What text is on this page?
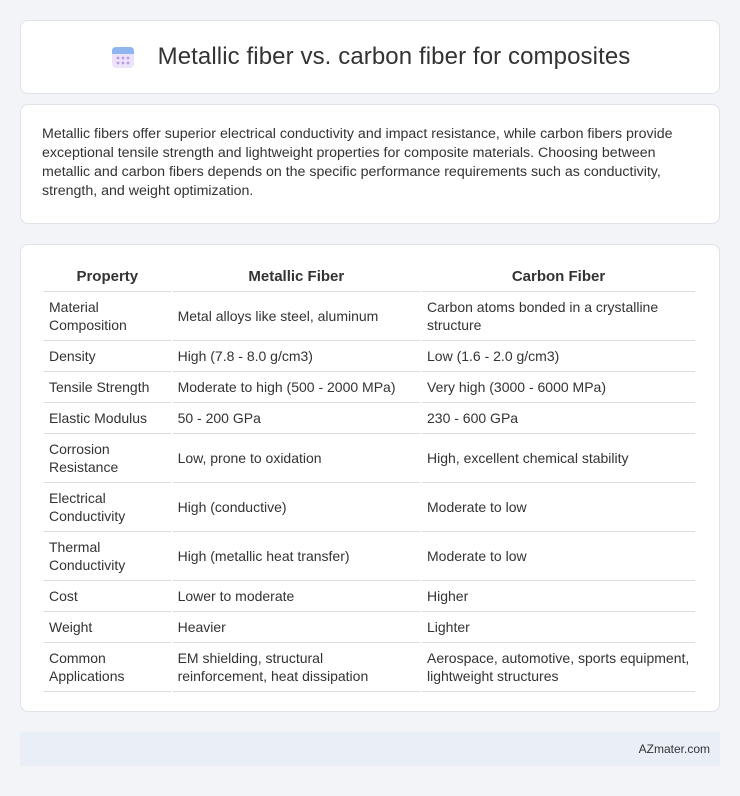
Metallic fiber vs. carbon fiber for composites

Metallic fibers offer superior electrical conductivity and impact resistance, while carbon fibers provide exceptional tensile strength and lightweight properties for composite materials. Choosing between metallic and carbon fibers depends on the specific performance requirements such as conductivity, strength, and weight optimization.

Property	Metallic Fiber	Carbon Fiber
Material Composition	Metal alloys like steel, aluminum	Carbon atoms bonded in a crystalline structure
Density	High (7.8 - 8.0 g/cm3)	Low (1.6 - 2.0 g/cm3)
Tensile Strength	Moderate to high (500 - 2000 MPa)	Very high (3000 - 6000 MPa)
Elastic Modulus	50 - 200 GPa	230 - 600 GPa
Corrosion Resistance	Low, prone to oxidation	High, excellent chemical stability
Electrical Conductivity	High (conductive)	Moderate to low
Thermal Conductivity	High (metallic heat transfer)	Moderate to low
Cost	Lower to moderate	Higher
Weight	Heavier	Lighter
Common Applications	EM shielding, structural reinforcement, heat dissipation	Aerospace, automotive, sports equipment, lightweight structures
AZmater.com
